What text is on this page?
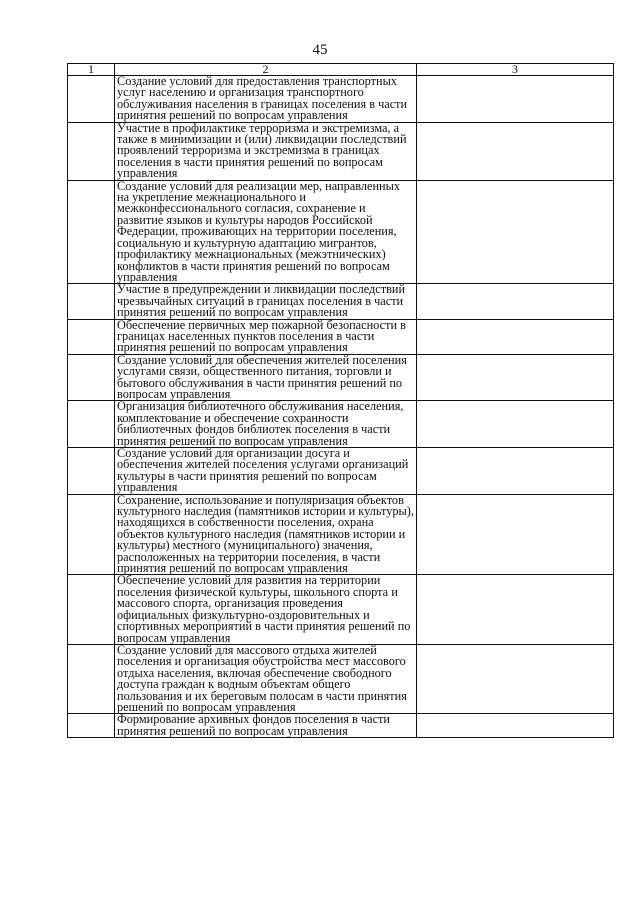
45
1	2	3
	Создание условий для предоставления транспортных услуг населению и организация транспортного обслуживания населения в границах поселения в части принятия решений по вопросам управления	
	Участие в профилактике терроризма и экстремизма, а также в минимизации и (или) ликвидации последствий проявлений терроризма и экстремизма в границах поселения в части принятия решений по вопросам управления	
	Создание условий для реализации мер, направленных на укрепление межнационального и межконфессионального согласия, сохранение и развитие языков и культуры народов Российской Федерации, проживающих на территории поселения, социальную и культурную адаптацию мигрантов, профилактику межнациональных (межэтнических) конфликтов в части принятия решений по вопросам управления	
	Участие в предупреждении и ликвидации последствий чрезвычайных ситуаций в границах поселения в части принятия решений по вопросам управления	
	Обеспечение первичных мер пожарной безопасности в границах населенных пунктов поселения в части принятия решений по вопросам управления	
	Создание условий для обеспечения жителей поселения услугами связи, общественного питания, торговли и бытового обслуживания в части принятия решений по вопросам управления	
	Организация библиотечного обслуживания населения, комплектование и обеспечение сохранности библиотечных фондов библиотек поселения в части принятия решений по вопросам управления	
	Создание условий для организации досуга и обеспечения жителей поселения услугами организаций культуры в части принятия решений по вопросам управления	
	Сохранение, использование и популяризация объектов культурного наследия (памятников истории и культуры), находящихся в собственности поселения, охрана объектов культурного наследия (памятников истории и культуры) местного (муниципального) значения, расположенных на территории поселения, в части принятия решений по вопросам управления	
	Обеспечение условий для развития на территории поселения физической культуры, школьного спорта и массового спорта, организация проведения официальных физкультурно-оздоровительных и спортивных мероприятий в части принятия решений по вопросам управления	
	Создание условий для массового отдыха жителей поселения и организация обустройства мест массового отдыха населения, включая обеспечение свободного доступа граждан к водным объектам общего пользования и их береговым полосам в части принятия решений по вопросам управления	
	Формирование архивных фондов поселения в части принятия решений по вопросам управления	
